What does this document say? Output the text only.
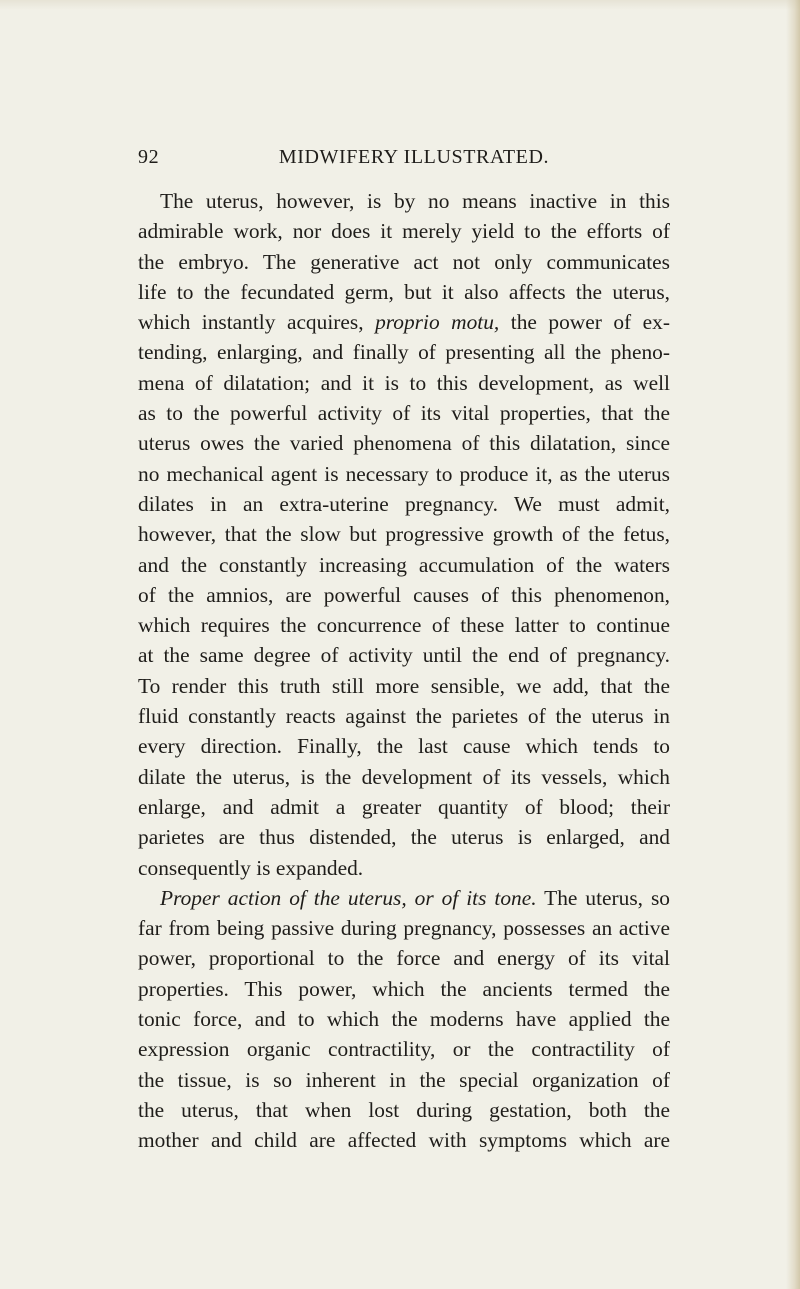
92	MIDWIFERY ILLUSTRATED.
The uterus, however, is by no means inactive in this
admirable work, nor does it merely yield to the efforts of
the embryo. The generative act not only communicates
life to the fecundated germ, but it also affects the uterus,
which instantly acquires, proprio motu, the power of ex-
tending, enlarging, and finally of presenting all the pheno-
mena of dilatation; and it is to this development, as well
as to the powerful activity of its vital properties, that the
uterus owes the varied phenomena of this dilatation, since
no mechanical agent is necessary to produce it, as the uterus
dilates in an extra-uterine pregnancy. We must admit,
however, that the slow but progressive growth of the fetus,
and the constantly increasing accumulation of the waters
of the amnios, are powerful causes of this phenomenon,
which requires the concurrence of these latter to continue
at the same degree of activity until the end of pregnancy.
To render this truth still more sensible, we add, that the
fluid constantly reacts against the parietes of the uterus in
every direction. Finally, the last cause which tends to
dilate the uterus, is the development of its vessels, which
enlarge, and admit a greater quantity of blood; their
parietes are thus distended, the uterus is enlarged, and
consequently is expanded.
Proper action of the uterus, or of its tone. The uterus, so
far from being passive during pregnancy, possesses an active
power, proportional to the force and energy of its vital
properties. This power, which the ancients termed the
tonic force, and to which the moderns have applied the
expression organic contractility, or the contractility of
the tissue, is so inherent in the special organization of
the uterus, that when lost during gestation, both the
mother and child are affected with symptoms which are
